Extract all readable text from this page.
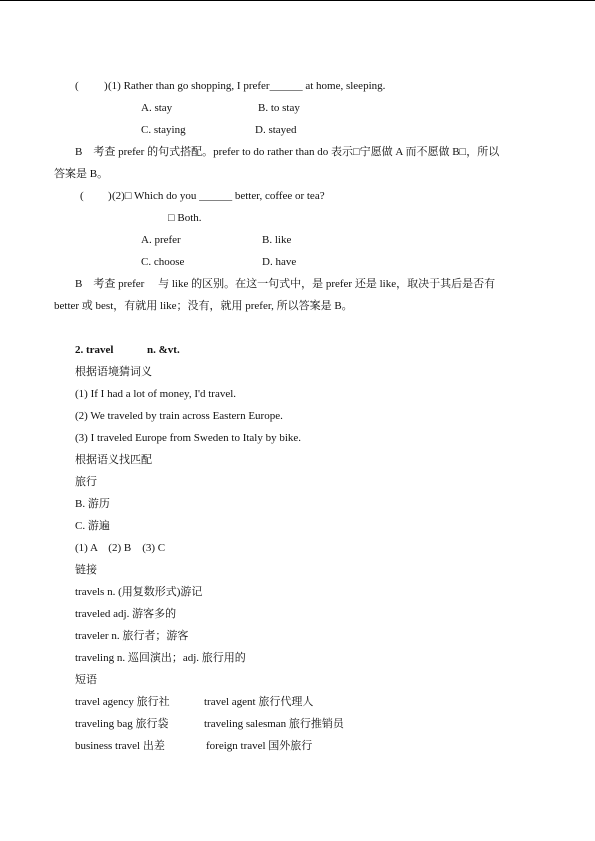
( ) (1) Rather than go shopping, I prefer______ at home, sleeping.
A. stay	B. to stay
C. staying	D. stayed
B　考查 prefer 的句式搭配。prefer to do rather than do 表示□宁愿做 A 而不愿做 B□，所以
答案是 B。
( ) (2)□ Which do you ______ better, coffee or tea?
□ Both.
A. prefer	B. like
C. choose	D. have
B　考查 prefer　 与 like 的区别。在这一句式中，是 prefer 还是 like，取决于其后是否有
better 或 best，有就用 like；没有，就用 prefer, 所以答案是 B。
2. travel	n. &vt.
根据语境猜词义
(1) If I had a lot of money, I'd travel.
(2) We traveled by train across Eastern Europe.
(3) I traveled Europe from Sweden to Italy by bike.
根据语义找匹配
旅行
B. 游历
C. 游遍
(1) A　(2) B　(3) C
链接
travels n. (用复数形式)游记
traveled adj. 游客多的
traveler n. 旅行者；游客
traveling n. 巡回演出；adj. 旅行用的
短语
travel agency 旅行社	travel agent 旅行代理人
traveling bag 旅行袋	traveling salesman 旅行推销员
business travel 出差	foreign travel 国外旅行
